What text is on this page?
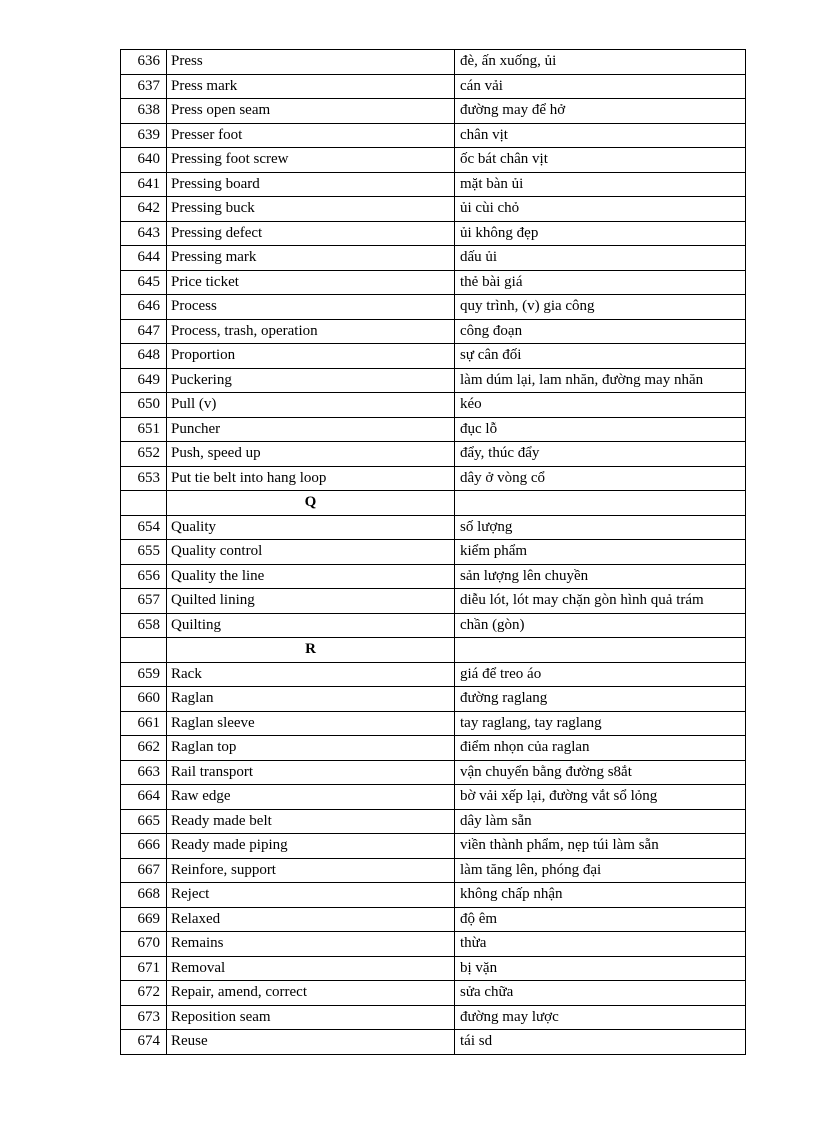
636	Press	đè, ấn xuống, ủi
637	Press mark	cán vải
638	Press open seam	đường may để hở
639	Presser foot	chân vịt
640	Pressing foot screw	ốc bát chân vịt
641	Pressing board	mặt bàn ủi
642	Pressing buck	ủi cùi chỏ
643	Pressing defect	ủi không đẹp
644	Pressing mark	dấu ủi
645	Price ticket	thẻ bài giá
646	Process	quy trình, (v) gia công
647	Process, trash, operation	công đoạn
648	Proportion	sự cân đối
649	Puckering	làm dúm lại, lam nhăn, đường may nhăn
650	Pull (v)	kéo
651	Puncher	đục lỗ
652	Push, speed up	đẩy, thúc đẩy
653	Put tie belt into hang loop	dây ở vòng cổ
	Q	
654	Quality	số lượng
655	Quality control	kiểm phẩm
656	Quality the line	sản lượng lên chuyền
657	Quilted lining	diễu lót, lót may chặn gòn hình quả trám
658	Quilting	chần (gòn)
	R	
659	Rack	giá để treo áo
660	Raglan	đường raglang
661	Raglan sleeve	tay raglang, tay raglang
662	Raglan top	điểm nhọn của raglan
663	Rail transport	vận chuyển bằng đường s8ắt
664	Raw edge	bờ vải xếp lại, đường vắt sổ lỏng
665	Ready made belt	dây làm sẵn
666	Ready made piping	viền thành phẩm, nẹp túi làm sẵn
667	Reinfore, support	làm tăng lên, phóng đại
668	Reject	không chấp nhận
669	Relaxed	độ êm
670	Remains	thừa
671	Removal	bị vặn
672	Repair, amend, correct	sửa chữa
673	Reposition seam	đường may lược
674	Reuse	tái sd
